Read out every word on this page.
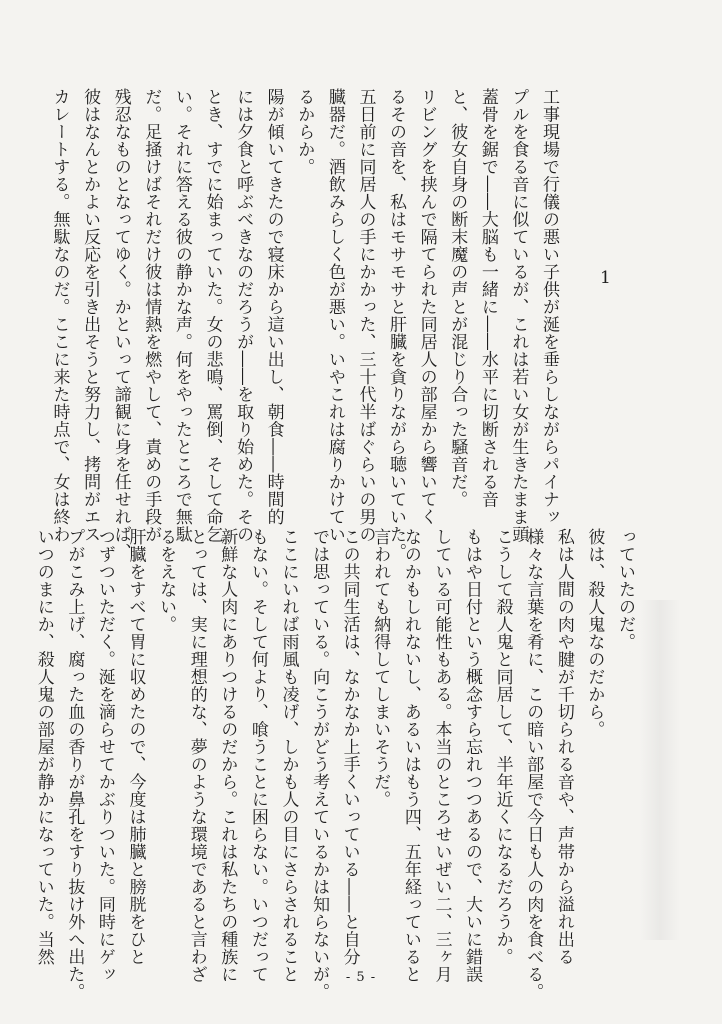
1
工事現場で行儀の悪い子供が涎を垂らしながらパイナッ
プルを食る音に似ているが、これは若い女が生きたまま頭
蓋骨を鋸で――大脳も一緒に――水平に切断される音
と、彼女自身の断末魔の声とが混じり合った騒音だ。
リビングを挟んで隔てられた同居人の部屋から響いてく
るその音を、私はモサモサと肝臓を貪りながら聴いていた。
五日前に同居人の手にかかった、三十代半ばぐらいの男の
臓器だ。酒飲みらしく色が悪い。いやこれは腐りかけてい
るからか。
陽が傾いてきたので寝床から這い出し、朝食――時間的
には夕食と呼ぶべきなのだろうが――を取り始めた。その
とき、すでに始まっていた。女の悲鳴、罵倒、そして命乞
い。それに答える彼の静かな声。何をやったところで無駄
だ。足掻けばそれだけ彼は情熱を燃やして、責めの手段が
残忍なものとなってゆく。かといって諦観に身を任せれば、
彼はなんとかよい反応を引き出そうと努力し、拷問がエス
カレートする。無駄なのだ。ここに来た時点で、女は終わ
っていたのだ。
彼は、殺人鬼なのだから。
私は人間の肉や腱が千切られる音や、声帯から溢れ出る
様々な言葉を肴に、この暗い部屋で今日も人の肉を食べる。
こうして殺人鬼と同居して、半年近くになるだろうか。
もはや日付という概念すら忘れつつあるので、大いに錯誤
している可能性もある。本当のところせいぜい二、三ヶ月
なのかもしれないし、あるいはもう四、五年経っていると
言われても納得してしまいそうだ。
この共同生活は、なかなか上手くいっている――と自分
では思っている。向こうがどう考えているかは知らないが。
ここにいれば雨風も凌げ、しかも人の目にさらされること
もない。そして何より、喰うことに困らない。いつだって
新鮮な人肉にありつけるのだから。これは私たちの種族に
とっては、実に理想的な、夢のような環境であると言わざ
るをえない。
肝臓をすべて胃に収めたので、今度は肺臓と膀胱をひと
つずついただく。涎を滴らせてかぶりついた。同時にゲッ
プがこみ上げ、腐った血の香りが鼻孔をすり抜け外へ出た。
いつのまにか、殺人鬼の部屋が静かになっていた。当然
- 5 -
